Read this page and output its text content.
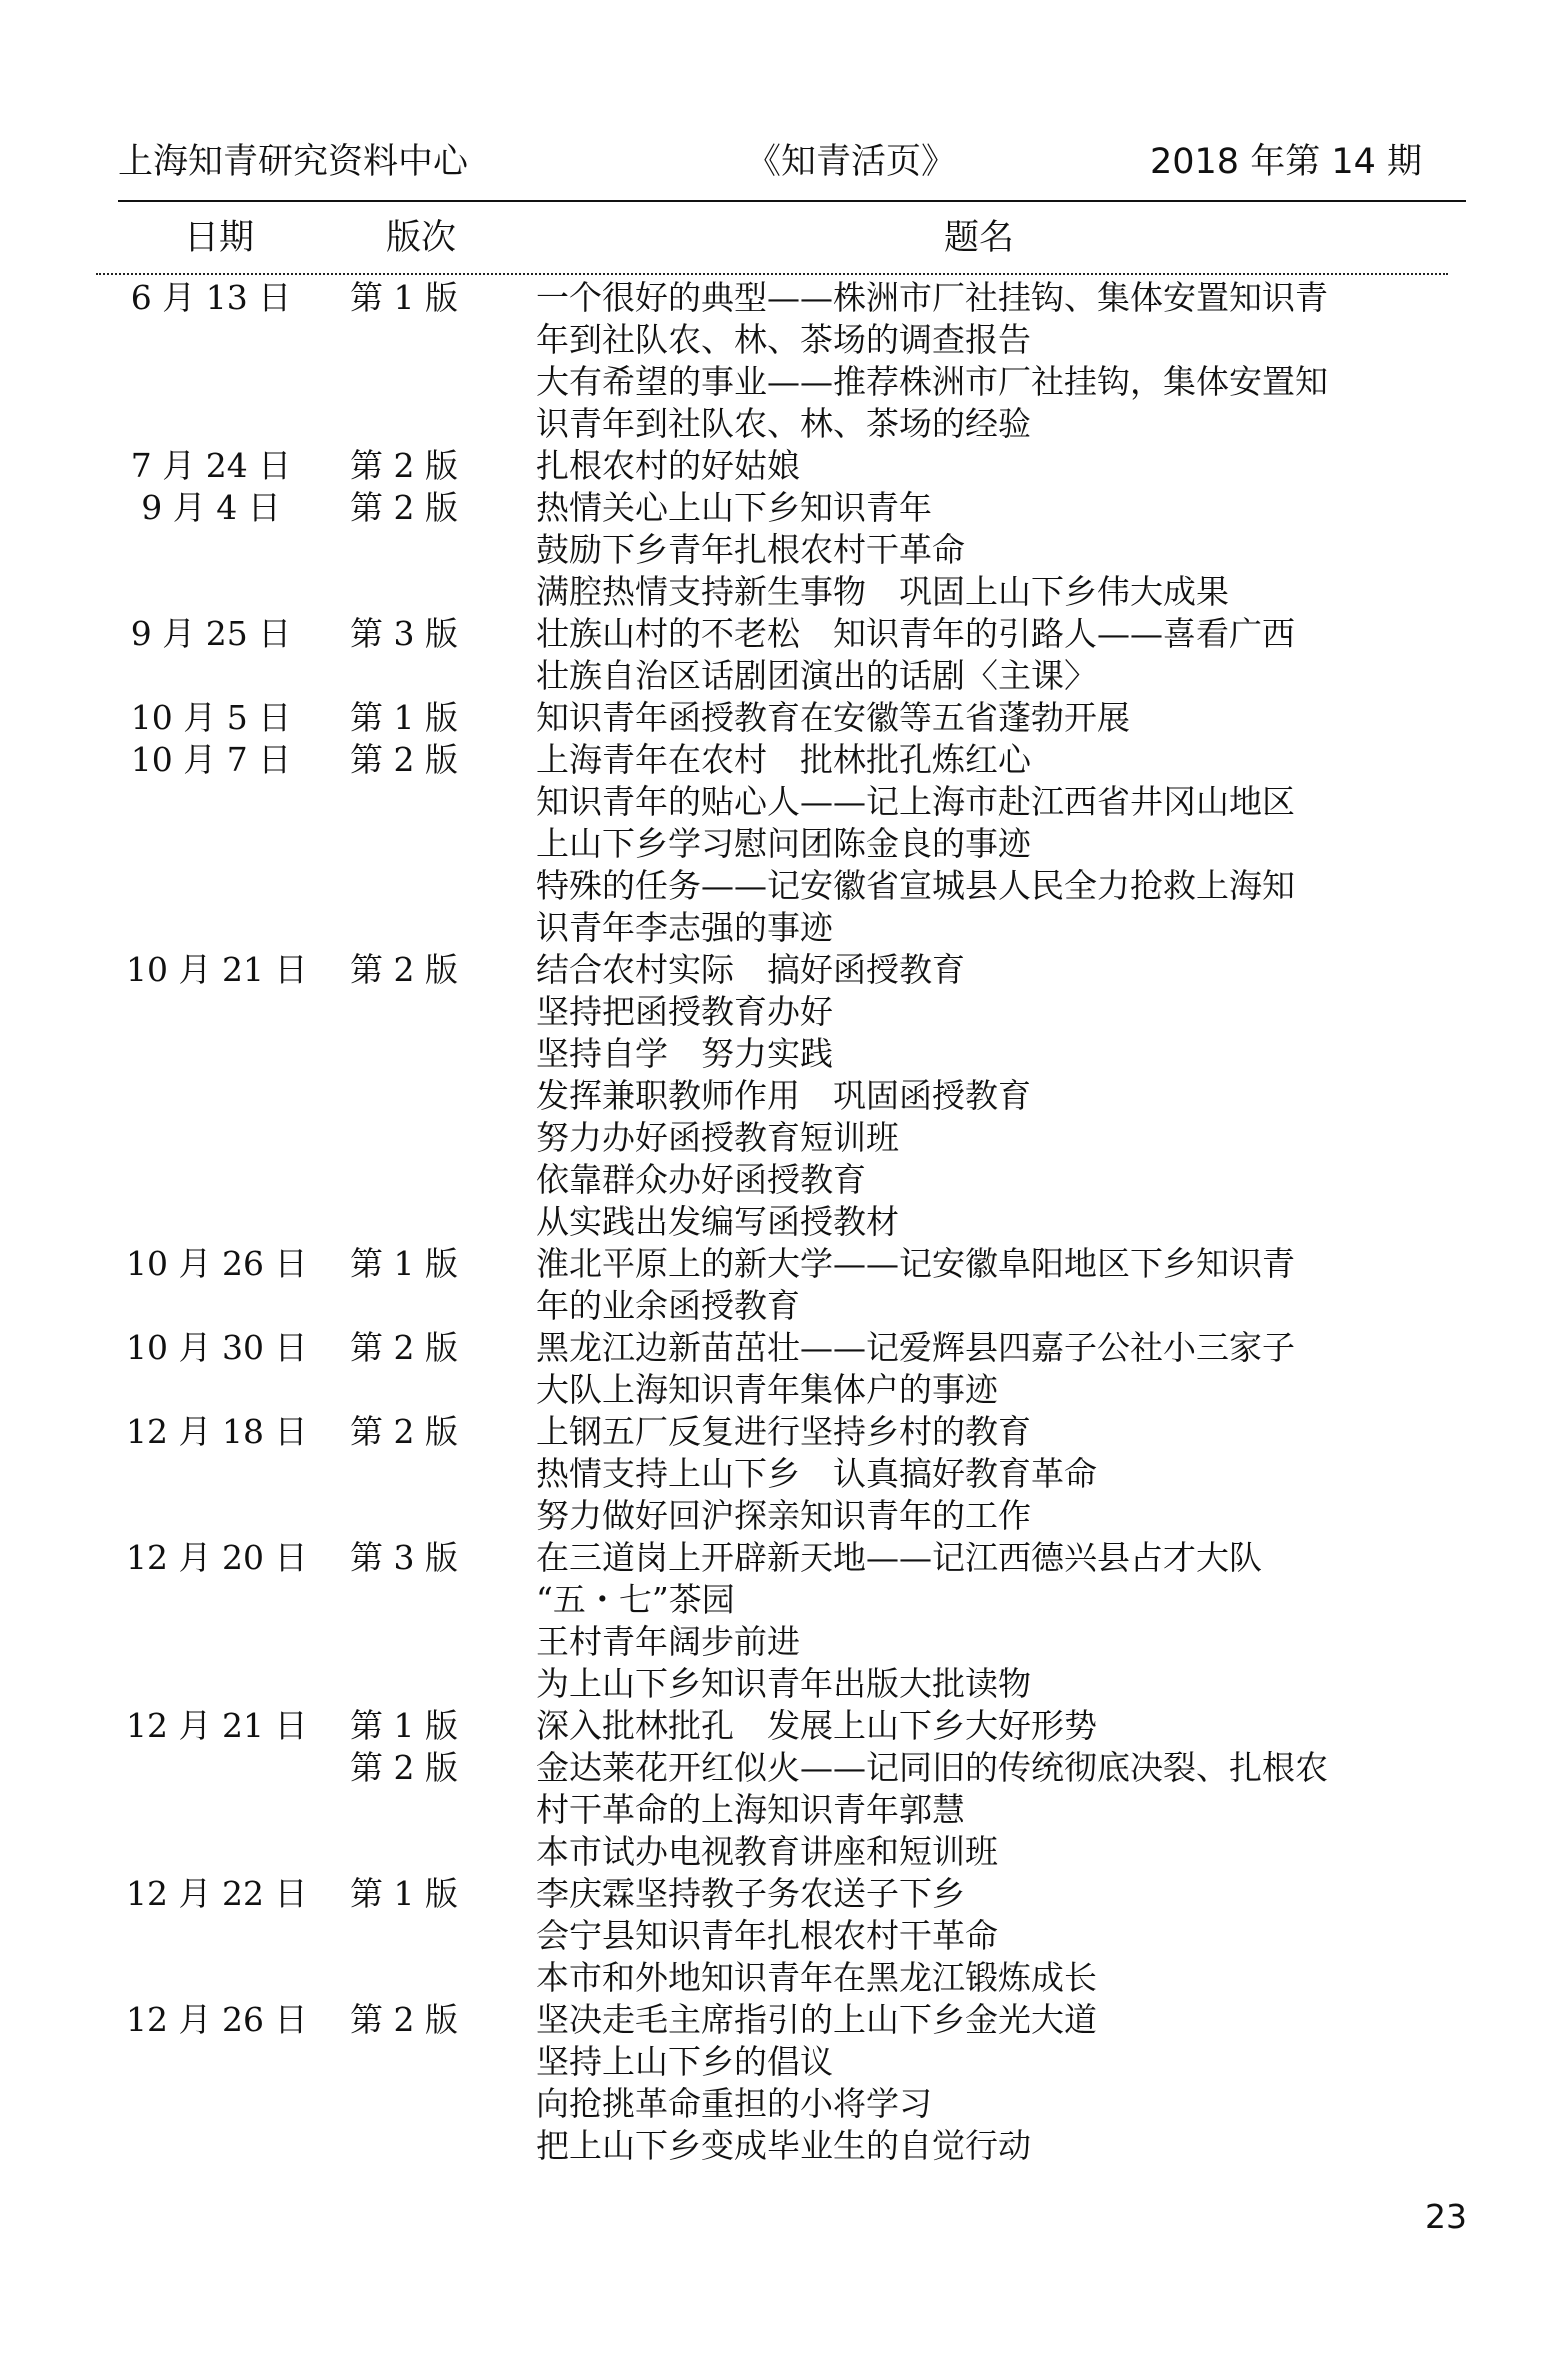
上海知青研究资料中心	《知青活页》	2018 年第 14 期
日期	版次	题名
6 月 13 日 第 1 版 一个很好的典型——株洲市厂社挂钩、集体安置知识青
年到社队农、林、茶场的调查报告
大有希望的事业——推荐株洲市厂社挂钩，集体安置知
识青年到社队农、林、茶场的经验
7 月 24 日 第 2 版 扎根农村的好姑娘
9 月 4 日	第 2 版 热情关心上山下乡知识青年
鼓励下乡青年扎根农村干革命
满腔热情支持新生事物　巩固上山下乡伟大成果
9 月 25 日 第 3 版 壮族山村的不老松　知识青年的引路人——喜看广西
壮族自治区话剧团演出的话剧〈主课〉
10 月 5 日 第 1 版 知识青年函授教育在安徽等五省蓬勃开展
10 月 7 日 第 2 版 上海青年在农村　批林批孔炼红心
知识青年的贴心人——记上海市赴江西省井冈山地区
上山下乡学习慰问团陈金良的事迹
特殊的任务——记安徽省宣城县人民全力抢救上海知
识青年李志强的事迹
10 月 21 日 第 2 版 结合农村实际　搞好函授教育
坚持把函授教育办好
坚持自学　努力实践
发挥兼职教师作用　巩固函授教育
努力办好函授教育短训班
依靠群众办好函授教育
从实践出发编写函授教材
10 月 26 日 第 1 版 淮北平原上的新大学——记安徽阜阳地区下乡知识青
年的业余函授教育
10 月 30 日 第 2 版 黑龙江边新苗茁壮——记爱辉县四嘉子公社小三家子
大队上海知识青年集体户的事迹
12 月 18 日 第 2 版 上钢五厂反复进行坚持乡村的教育
热情支持上山下乡　认真搞好教育革命
努力做好回沪探亲知识青年的工作
12 月 20 日 第 3 版 在三道岗上开辟新天地——记江西德兴县占才大队
“五・七”茶园
王村青年阔步前进
为上山下乡知识青年出版大批读物
12 月 21 日 第 1 版 深入批林批孔　发展上山下乡大好形势
第 2 版 金达莱花开红似火——记同旧的传统彻底决裂、扎根农
村干革命的上海知识青年郭慧
本市试办电视教育讲座和短训班
12 月 22 日 第 1 版 李庆霖坚持教子务农送子下乡
会宁县知识青年扎根农村干革命
本市和外地知识青年在黑龙江锻炼成长
12 月 26 日 第 2 版 坚决走毛主席指引的上山下乡金光大道
坚持上山下乡的倡议
向抢挑革命重担的小将学习
把上山下乡变成毕业生的自觉行动
23
